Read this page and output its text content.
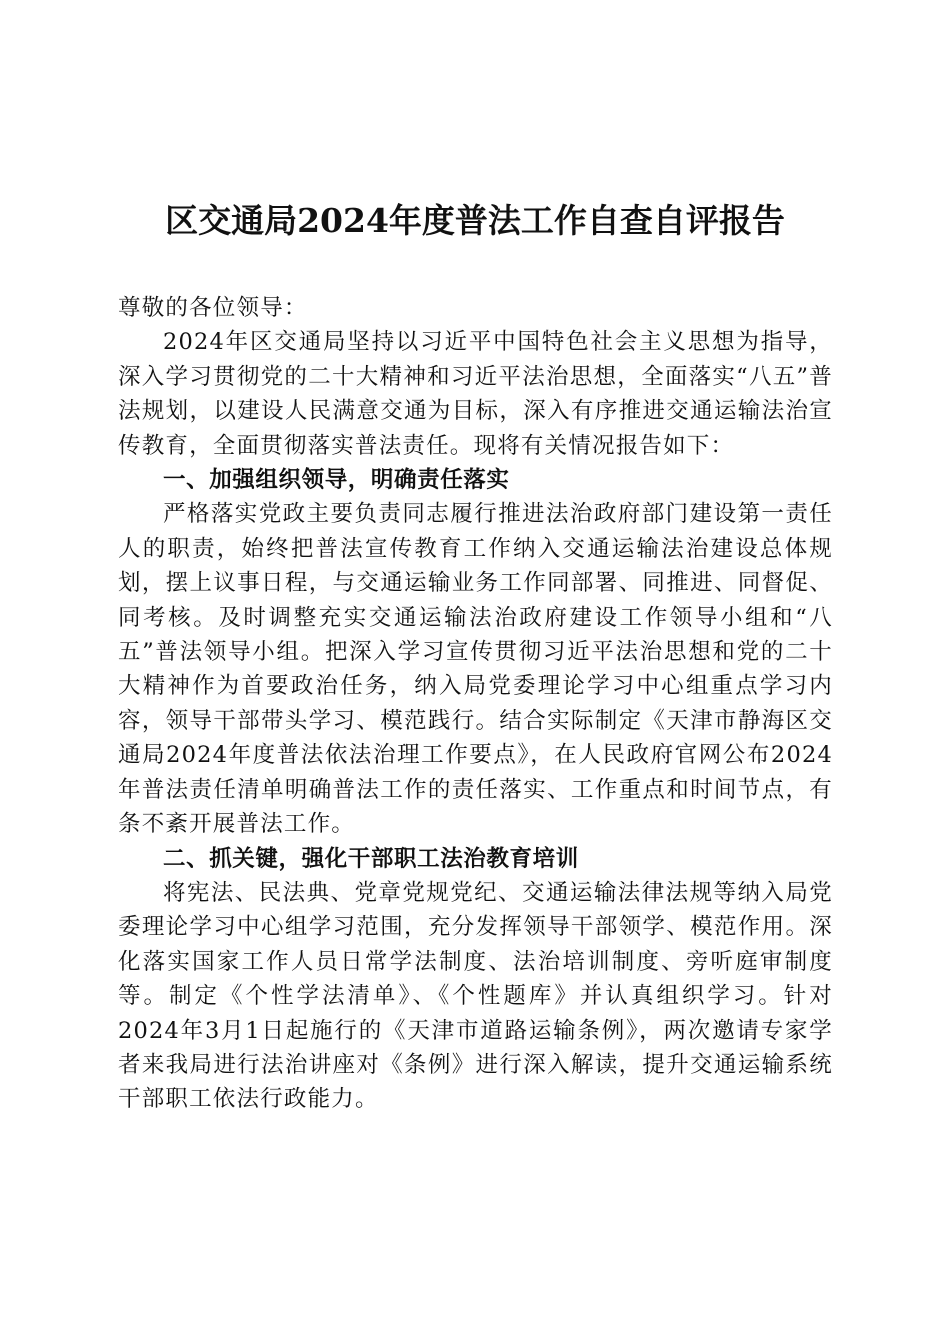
区交通局2024年度普法工作自查自评报告

尊敬的各位领导：

2024年区交通局坚持以习近平中国特色社会主义思想为指导，深入学习贯彻党的二十大精神和习近平法治思想，全面落实“八五”普法规划，以建设人民满意交通为目标，深入有序推进交通运输法治宣传教育，全面贯彻落实普法责任。现将有关情况报告如下：

一、加强组织领导，明确责任落实

严格落实党政主要负责同志履行推进法治政府部门建设第一责任人的职责，始终把普法宣传教育工作纳入交通运输法治建设总体规划，摆上议事日程，与交通运输业务工作同部署、同推进、同督促、同考核。及时调整充实交通运输法治政府建设工作领导小组和“八五”普法领导小组。把深入学习宣传贯彻习近平法治思想和党的二十大精神作为首要政治任务，纳入局党委理论学习中心组重点学习内容，领导干部带头学习、模范践行。结合实际制定《天津市静海区交通局2024年度普法依法治理工作要点》，在人民政府官网公布2024年普法责任清单明确普法工作的责任落实、工作重点和时间节点，有条不紊开展普法工作。

二、抓关键，强化干部职工法治教育培训

将宪法、民法典、党章党规党纪、交通运输法律法规等纳入局党委理论学习中心组学习范围，充分发挥领导干部领学、模范作用。深化落实国家工作人员日常学法制度、法治培训制度、旁听庭审制度等。制定《个性学法清单》、《个性题库》并认真组织学习。针对2024年3月1日起施行的《天津市道路运输条例》，两次邀请专家学者来我局进行法治讲座对《条例》进行深入解读，提升交通运输系统干部职工依法行政能力。
